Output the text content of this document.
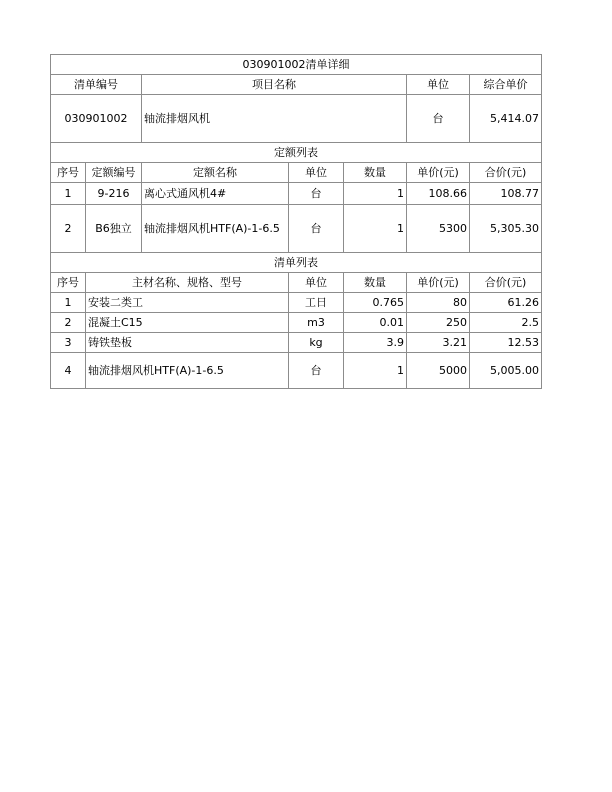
030901002清单详细						
清单编号		项目名称			单位	综合单价
030901002		轴流排烟风机			台	5,414.07
定额列表						
序号	定额编号	定额名称	单位	数量	单价(元)	合价(元)
1	9-216	离心式通风机4#	台	1	108.66	108.77
2	B6独立	轴流排烟风机HTF(A)-1-6.5	台	1	5300	5,305.30
清单列表						
序号	主材名称、规格、型号		单位	数量	单价(元)	合价(元)
1	安装二类工		工日	0.765	80	61.26
2	混凝土C15		m3	0.01	250	2.5
3	铸铁垫板		kg	3.9	3.21	12.53
4	轴流排烟风机HTF(A)-1-6.5		台	1	5000	5,005.00
